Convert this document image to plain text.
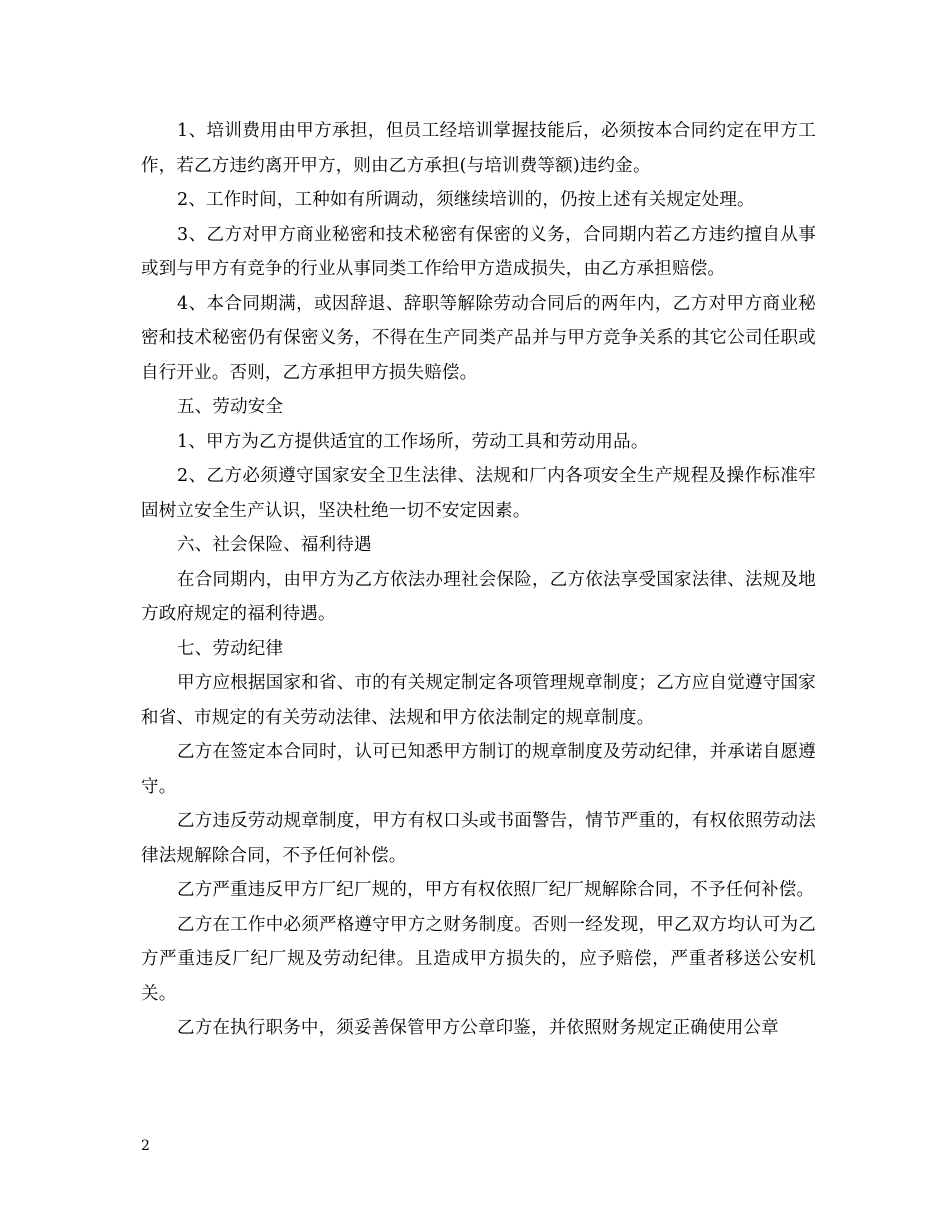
1、培训费用由甲方承担，但员工经培训掌握技能后，必须按本合同约定在甲方工作，若乙方违约离开甲方，则由乙方承担(与培训费等额)违约金。

2、工作时间，工种如有所调动，须继续培训的，仍按上述有关规定处理。

3、乙方对甲方商业秘密和技术秘密有保密的义务，合同期内若乙方违约擅自从事或到与甲方有竞争的行业从事同类工作给甲方造成损失，由乙方承担赔偿。

4、本合同期满，或因辞退、辞职等解除劳动合同后的两年内，乙方对甲方商业秘密和技术秘密仍有保密义务，不得在生产同类产品并与甲方竞争关系的其它公司任职或自行开业。否则，乙方承担甲方损失赔偿。

五、劳动安全

1、甲方为乙方提供适宜的工作场所，劳动工具和劳动用品。

2、乙方必须遵守国家安全卫生法律、法规和厂内各项安全生产规程及操作标准牢固树立安全生产认识，坚决杜绝一切不安定因素。

六、社会保险、福利待遇

在合同期内，由甲方为乙方依法办理社会保险，乙方依法享受国家法律、法规及地方政府规定的福利待遇。

七、劳动纪律

甲方应根据国家和省、市的有关规定制定各项管理规章制度；乙方应自觉遵守国家和省、市规定的有关劳动法律、法规和甲方依法制定的规章制度。

乙方在签定本合同时，认可已知悉甲方制订的规章制度及劳动纪律，并承诺自愿遵守。

乙方违反劳动规章制度，甲方有权口头或书面警告，情节严重的，有权依照劳动法律法规解除合同，不予任何补偿。

乙方严重违反甲方厂纪厂规的，甲方有权依照厂纪厂规解除合同，不予任何补偿。

乙方在工作中必须严格遵守甲方之财务制度。否则一经发现，甲乙双方均认可为乙方严重违反厂纪厂规及劳动纪律。且造成甲方损失的，应予赔偿，严重者移送公安机关。

乙方在执行职务中，须妥善保管甲方公章印鉴，并依照财务规定正确使用公章

2
